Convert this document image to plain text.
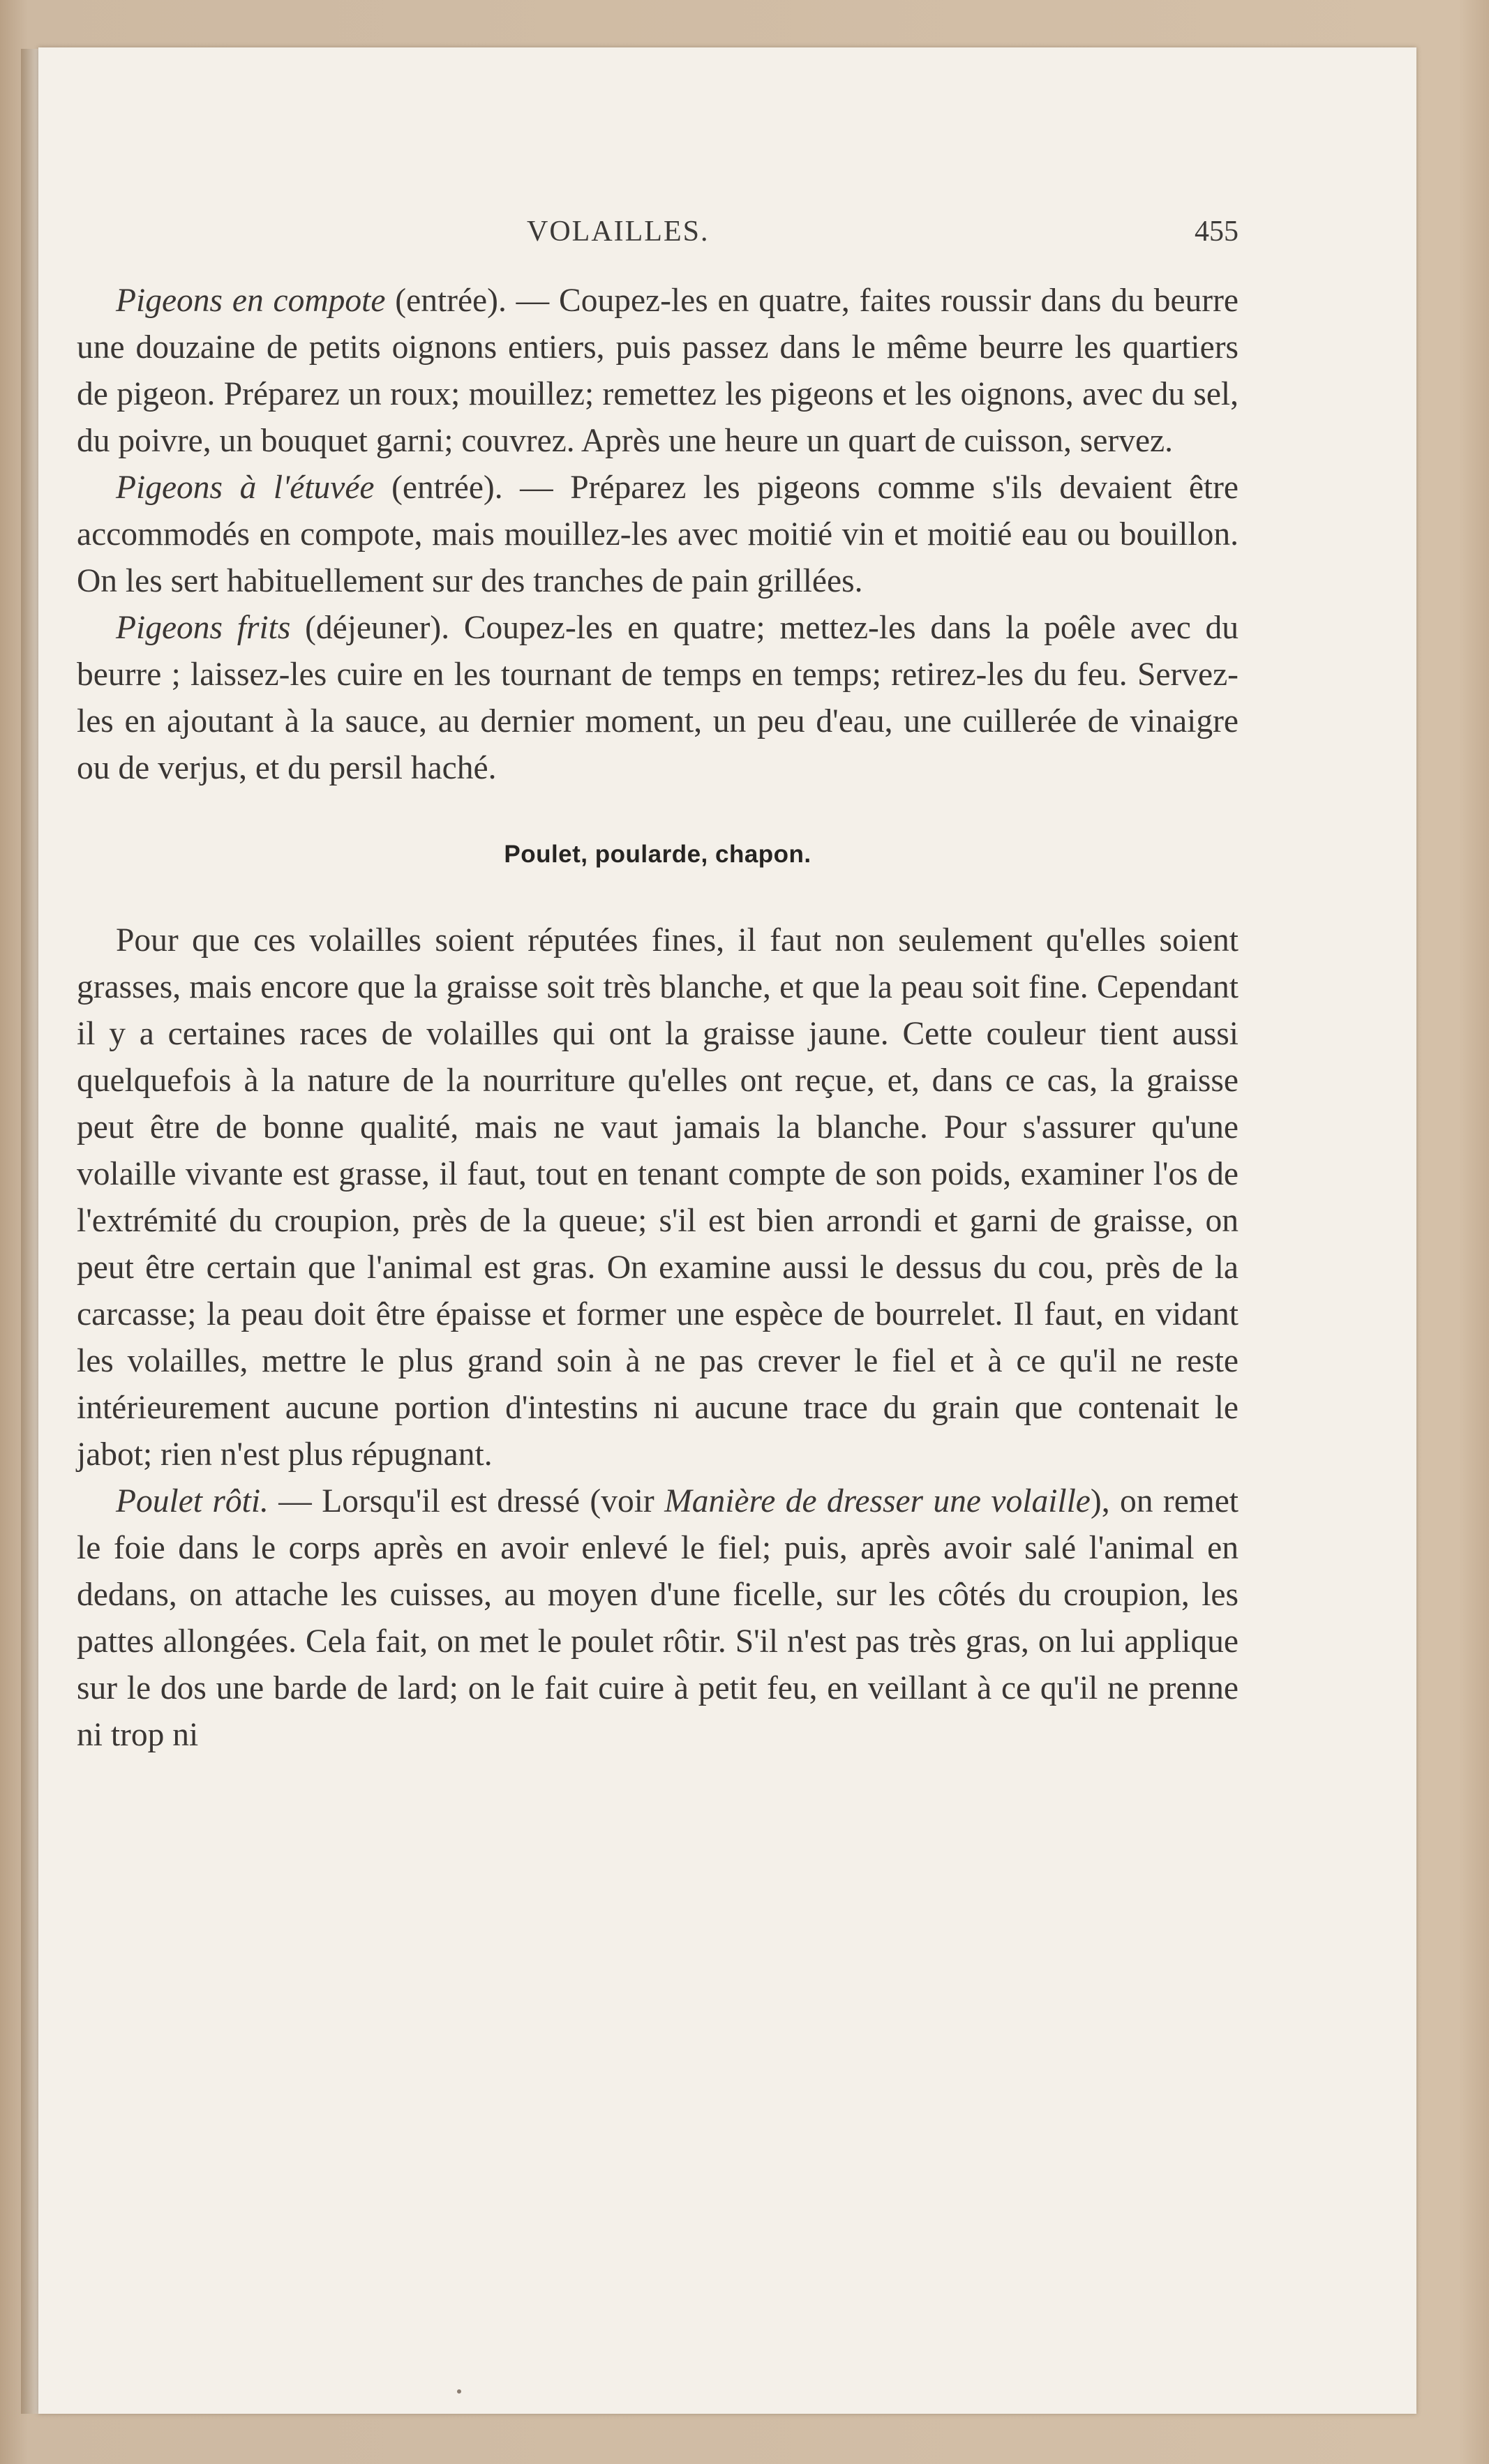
VOLAILLES.	455

Pigeons en compote (entrée). — Coupez-les en quatre, faites roussir dans du beurre une douzaine de petits oignons entiers, puis passez dans le même beurre les quartiers de pigeon. Préparez un roux; mouillez; remettez les pigeons et les oignons, avec du sel, du poivre, un bouquet garni; couvrez. Après une heure un quart de cuisson, servez.

Pigeons à l'étuvée (entrée). — Préparez les pigeons comme s'ils devaient être accommodés en compote, mais mouillez-les avec moitié vin et moitié eau ou bouillon. On les sert habituellement sur des tranches de pain grillées.

Pigeons frits (déjeuner). Coupez-les en quatre; mettez-les dans la poêle avec du beurre ; laissez-les cuire en les tournant de temps en temps; retirez-les du feu. Servez-les en ajoutant à la sauce, au dernier moment, un peu d'eau, une cuillerée de vinaigre ou de verjus, et du persil haché.

Poulet, poularde, chapon.

Pour que ces volailles soient réputées fines, il faut non seulement qu'elles soient grasses, mais encore que la graisse soit très blanche, et que la peau soit fine. Cependant il y a certaines races de volailles qui ont la graisse jaune. Cette couleur tient aussi quelquefois à la nature de la nourriture qu'elles ont reçue, et, dans ce cas, la graisse peut être de bonne qualité, mais ne vaut jamais la blanche. Pour s'assurer qu'une volaille vivante est grasse, il faut, tout en tenant compte de son poids, examiner l'os de l'extrémité du croupion, près de la queue; s'il est bien arrondi et garni de graisse, on peut être certain que l'animal est gras. On examine aussi le dessus du cou, près de la carcasse; la peau doit être épaisse et former une espèce de bourrelet. Il faut, en vidant les volailles, mettre le plus grand soin à ne pas crever le fiel et à ce qu'il ne reste intérieurement aucune portion d'intestins ni aucune trace du grain que contenait le jabot; rien n'est plus répugnant.

Poulet rôti. — Lorsqu'il est dressé (voir Manière de dresser une volaille), on remet le foie dans le corps après en avoir enlevé le fiel; puis, après avoir salé l'animal en dedans, on attache les cuisses, au moyen d'une ficelle, sur les côtés du croupion, les pattes allongées. Cela fait, on met le poulet rôtir. S'il n'est pas très gras, on lui applique sur le dos une barde de lard; on le fait cuire à petit feu, en veillant à ce qu'il ne prenne ni trop ni
